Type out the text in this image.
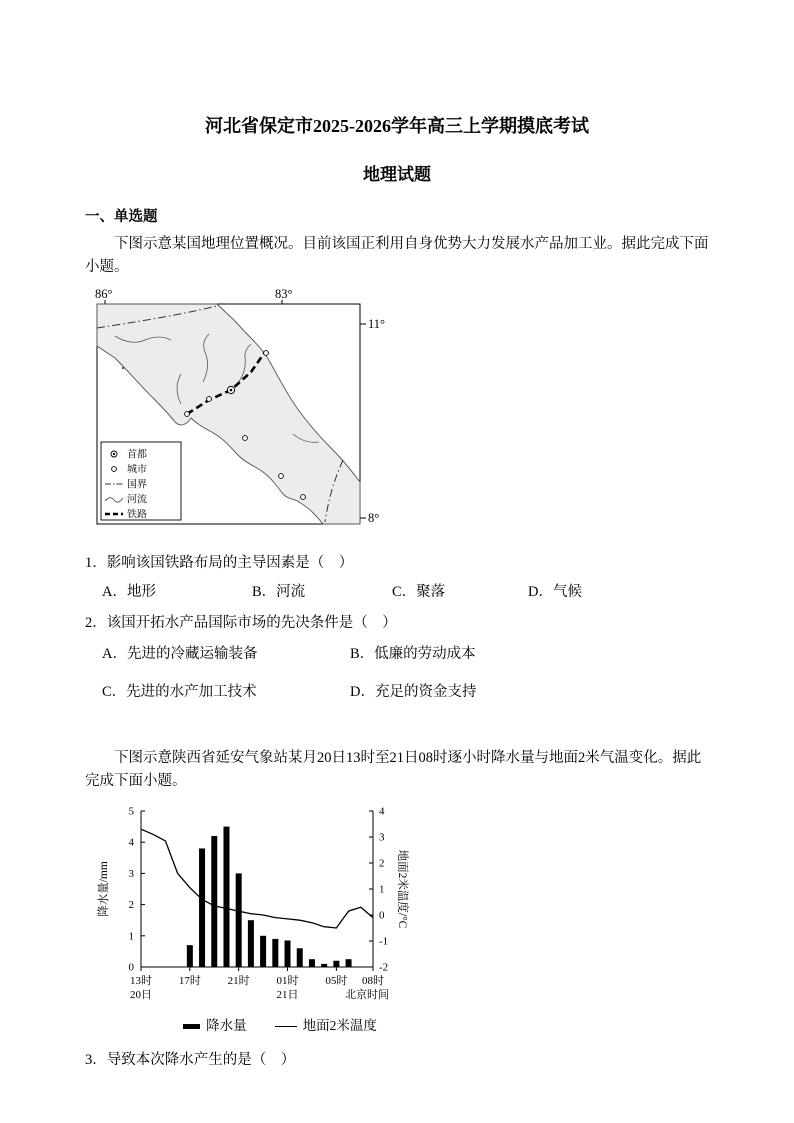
河北省保定市2025-2026学年高三上学期摸底考试
地理试题
一、单选题

下图示意某国地理位置概况。目前该国正利用自身优势大力发展水产品加工业。据此完成下面小题。

86°	83°
11°
8°
首都
城市
国界
河流
铁路
1．影响该国铁路布局的主导因素是（　）
A．地形	B．河流	C．聚落	D．气候
2．该国开拓水产品国际市场的先决条件是（　）
A．先进的冷藏运输装备	B．低廉的劳动成本
C．先进的水产加工技术	D．充足的资金支持

下图示意陕西省延安气象站某月20日13时至21日08时逐小时降水量与地面2米气温变化。据此完成下面小题。

0
1
2
3
4
5
-2
-1
0
1
2
3
4
13时 17时 21时 01时 05时 08时
20日	21日	北京时间
降水量/mm	地面2米温度/°C
降水量	地面2米温度
3．导致本次降水产生的是（　）
